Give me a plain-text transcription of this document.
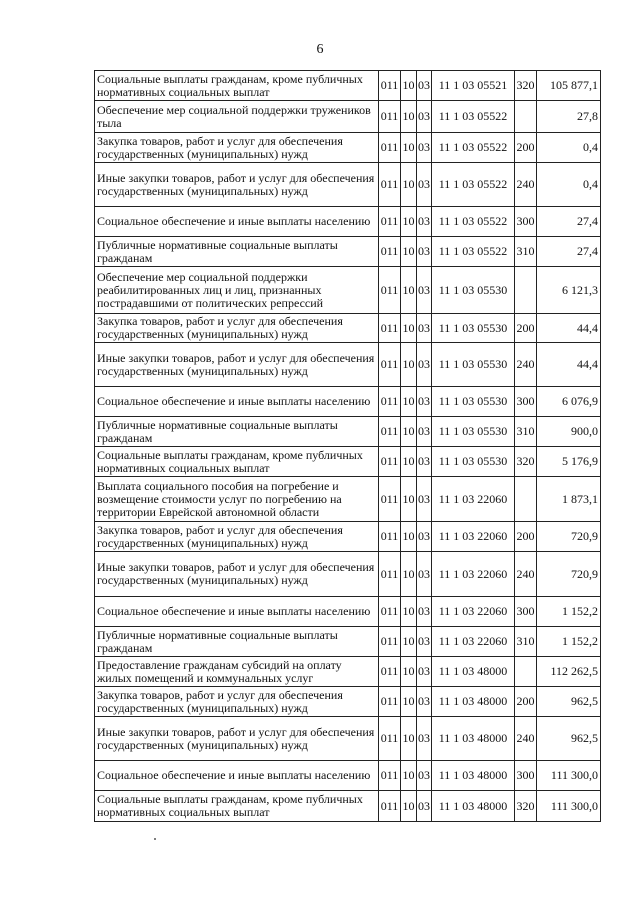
6
Социальные выплаты гражданам, кроме публичных нормативных социальных выплат	011	10	03	11 1 03 05521	320	105 877,1
Обеспечение мер социальной поддержки тружеников тыла	011	10	03	11 1 03 05522		27,8
Закупка товаров, работ и услуг для обеспечения государственных (муниципальных) нужд	011	10	03	11 1 03 05522	200	0,4
Иные закупки товаров, работ и услуг для обеспечения государственных (муниципальных) нужд	011	10	03	11 1 03 05522	240	0,4
Социальное обеспечение и иные выплаты населению	011	10	03	11 1 03 05522	300	27,4
Публичные нормативные социальные выплаты гражданам	011	10	03	11 1 03 05522	310	27,4
Обеспечение мер социальной поддержки реабилитированных лиц и лиц, признанных пострадавшими от политических репрессий	011	10	03	11 1 03 05530		6 121,3
Закупка товаров, работ и услуг для обеспечения государственных (муниципальных) нужд	011	10	03	11 1 03 05530	200	44,4
Иные закупки товаров, работ и услуг для обеспечения государственных (муниципальных) нужд	011	10	03	11 1 03 05530	240	44,4
Социальное обеспечение и иные выплаты населению	011	10	03	11 1 03 05530	300	6 076,9
Публичные нормативные социальные выплаты гражданам	011	10	03	11 1 03 05530	310	900,0
Социальные выплаты гражданам, кроме публичных нормативных социальных выплат	011	10	03	11 1 03 05530	320	5 176,9
Выплата социального пособия на погребение и возмещение стоимости услуг по погребению на территории Еврейской автономной области	011	10	03	11 1 03 22060		1 873,1
Закупка товаров, работ и услуг для обеспечения государственных (муниципальных) нужд	011	10	03	11 1 03 22060	200	720,9
Иные закупки товаров, работ и услуг для обеспечения государственных (муниципальных) нужд	011	10	03	11 1 03 22060	240	720,9
Социальное обеспечение и иные выплаты населению	011	10	03	11 1 03 22060	300	1 152,2
Публичные нормативные социальные выплаты гражданам	011	10	03	11 1 03 22060	310	1 152,2
Предоставление гражданам субсидий на оплату жилых помещений и коммунальных услуг	011	10	03	11 1 03 48000		112 262,5
Закупка товаров, работ и услуг для обеспечения государственных (муниципальных) нужд	011	10	03	11 1 03 48000	200	962,5
Иные закупки товаров, работ и услуг для обеспечения государственных (муниципальных) нужд	011	10	03	11 1 03 48000	240	962,5
Социальное обеспечение и иные выплаты населению	011	10	03	11 1 03 48000	300	111 300,0
Социальные выплаты гражданам, кроме публичных нормативных социальных выплат	011	10	03	11 1 03 48000	320	111 300,0
